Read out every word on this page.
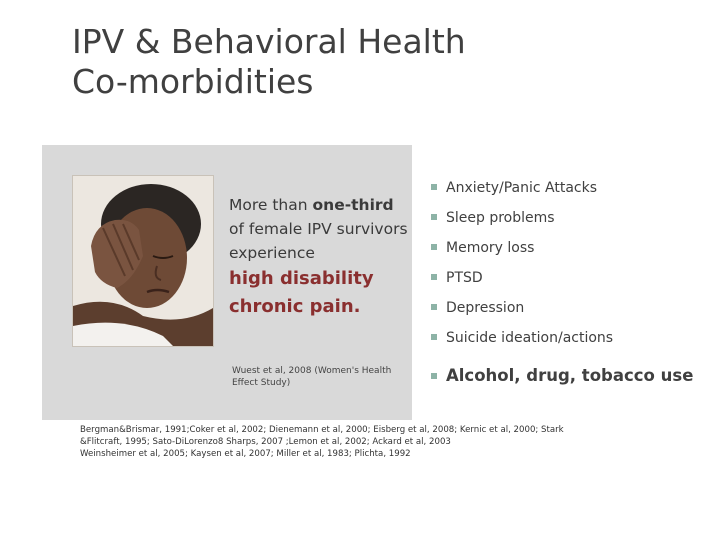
IPV & Behavioral Health
Co-morbidities
More than one-third of female IPV survivors experience
high disability
chronic pain.
Wuest et al, 2008 (Women's Health Effect Study)
Anxiety/Panic Attacks
Sleep problems
Memory loss
PTSD
Depression
Suicide ideation/actions
Alcohol, drug, tobacco use
Bergman&Brismar, 1991;Coker et al, 2002; Dienemann et al, 2000; Eisberg et al, 2008; Kernic et al, 2000; Stark
&Flitcraft, 1995; Sato-DiLorenzo8 Sharps, 2007 ;Lemon et al, 2002; Ackard et al, 2003
Weinsheimer et al, 2005; Kaysen et al, 2007; Miller et al, 1983; Plichta, 1992
